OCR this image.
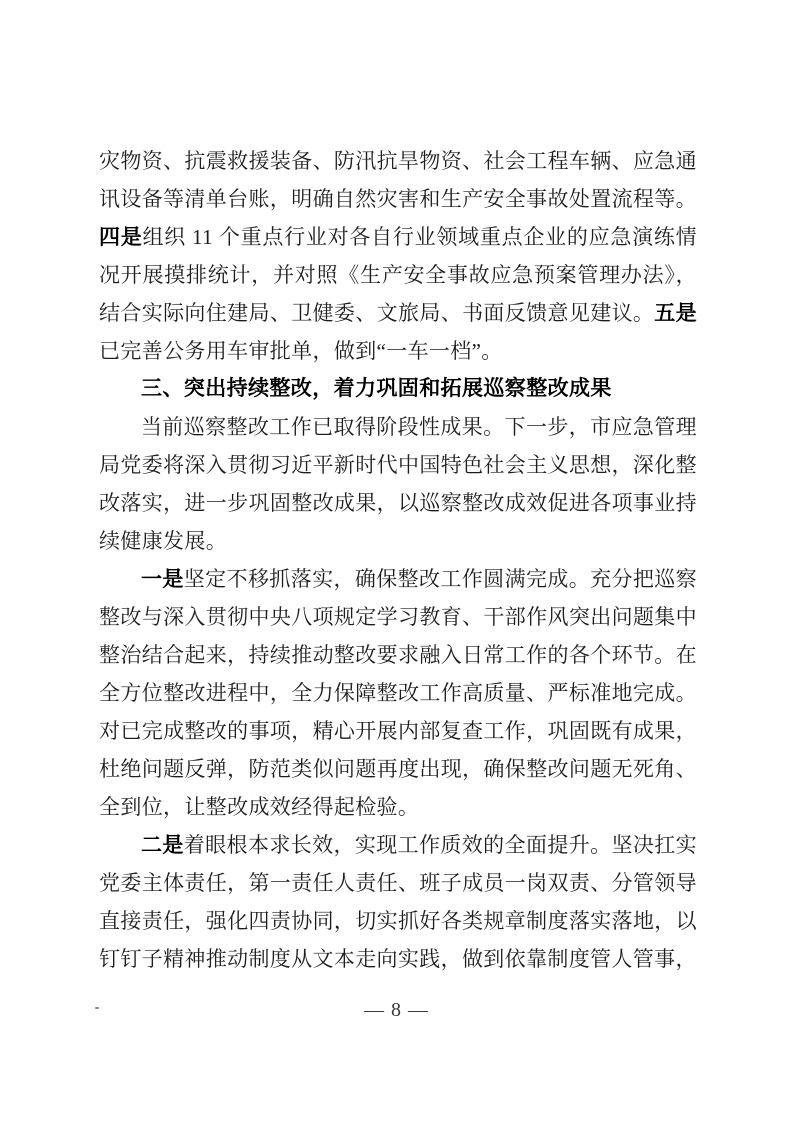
灾物资、抗震救援装备、防汛抗旱物资、社会工程车辆、应急通讯设备等清单台账，明确自然灾害和生产安全事故处置流程等。四是组织 11 个重点行业对各自行业领域重点企业的应急演练情况开展摸排统计，并对照《生产安全事故应急预案管理办法》，结合实际向住建局、卫健委、文旅局、书面反馈意见建议。五是已完善公务用车审批单，做到“一车一档”。

三、突出持续整改，着力巩固和拓展巡察整改成果

当前巡察整改工作已取得阶段性成果。下一步，市应急管理局党委将深入贯彻习近平新时代中国特色社会主义思想，深化整改落实，进一步巩固整改成果，以巡察整改成效促进各项事业持续健康发展。

一是坚定不移抓落实，确保整改工作圆满完成。充分把巡察整改与深入贯彻中央八项规定学习教育、干部作风突出问题集中整治结合起来，持续推动整改要求融入日常工作的各个环节。在全方位整改进程中，全力保障整改工作高质量、严标准地完成。对已完成整改的事项，精心开展内部复查工作，巩固既有成果，杜绝问题反弹，防范类似问题再度出现，确保整改问题无死角、全到位，让整改成效经得起检验。

二是着眼根本求长效，实现工作质效的全面提升。坚决扛实党委主体责任，第一责任人责任、班子成员一岗双责、分管领导直接责任，强化四责协同，切实抓好各类规章制度落实落地，以钉钉子精神推动制度从文本走向实践，做到依靠制度管人管事，

— 8 —
